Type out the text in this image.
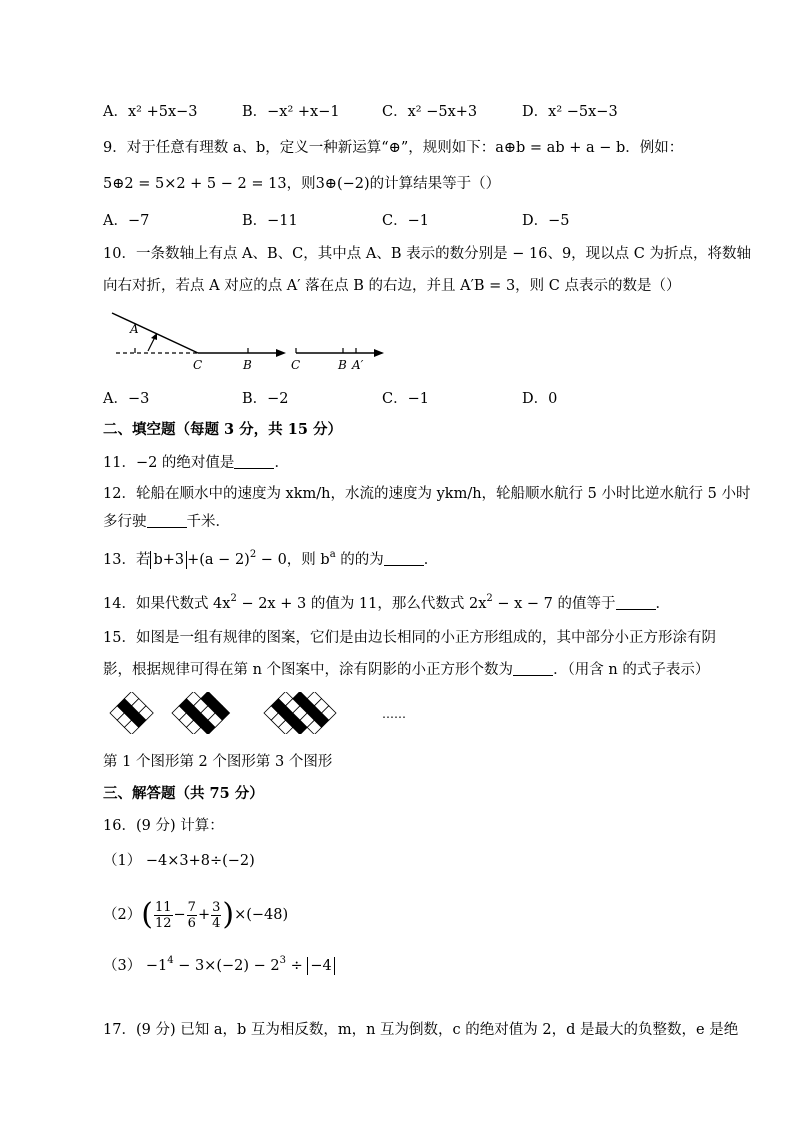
A．x² +5x−3	B．−x² +x−1	C．x² −5x+3	D．x² −5x−3
9．对于任意有理数 a、b，定义一种新运算“⊕”，规则如下：a⊕b = ab + a − b．例如：
5⊕2 = 5×2 + 5 − 2 = 13，则3⊕(−2)的计算结果等于（）
A．−7	B．−11	C．−1	D．−5
10．一条数轴上有点 A、B、C，其中点 A、B 表示的数分别是 − 16、9，现以点 C 为折点，将数轴
向右对折，若点 A 对应的点 A′ 落在点 B 的右边，并且 A′B = 3，则 C 点表示的数是（）
A
C	B	C	B A′
A．−3	B．−2	C．−1	D．0
二、填空题（每题 3 分，共 15 分）
11．−2 的绝对值是	．
12．轮船在顺水中的速度为 xkm/h，水流的速度为 ykm/h，轮船顺水航行 5 小时比逆水航行 5 小时
多行驶	千米．
13．若 $b+3 +(a - 2)^2 - 0$，则 $b^a$ 的的为	．
14．如果代数式 $4x^2 - 2x + 3$ 的值为 11，那么代数式 $2x^2 - x - 7$ 的值等于	．
15．如图是一组有规律的图案，它们是由边长相同的小正方形组成的，其中部分小正方形涂有阴
影，根据规律可得在第 n 个图案中，涂有阴影的小正方形个数为	．（用含 n 的式子表示）
……
第 1 个图形第 2 个图形第 3 个图形
三、解答题（共 75 分）
16．(9 分) 计算：
（1） −4×3+8÷(−2)
$(2)( \frac{11}{12} - \frac{7}{6} + \frac{3}{4} )\times(-48)$
$(3) -1^4 - 3\times(-2) - 2^3 \div -4$
17．(9 分) 已知 a，b 互为相反数，m，n 互为倒数，c 的绝对值为 2，d 是最大的负整数，e 是绝
